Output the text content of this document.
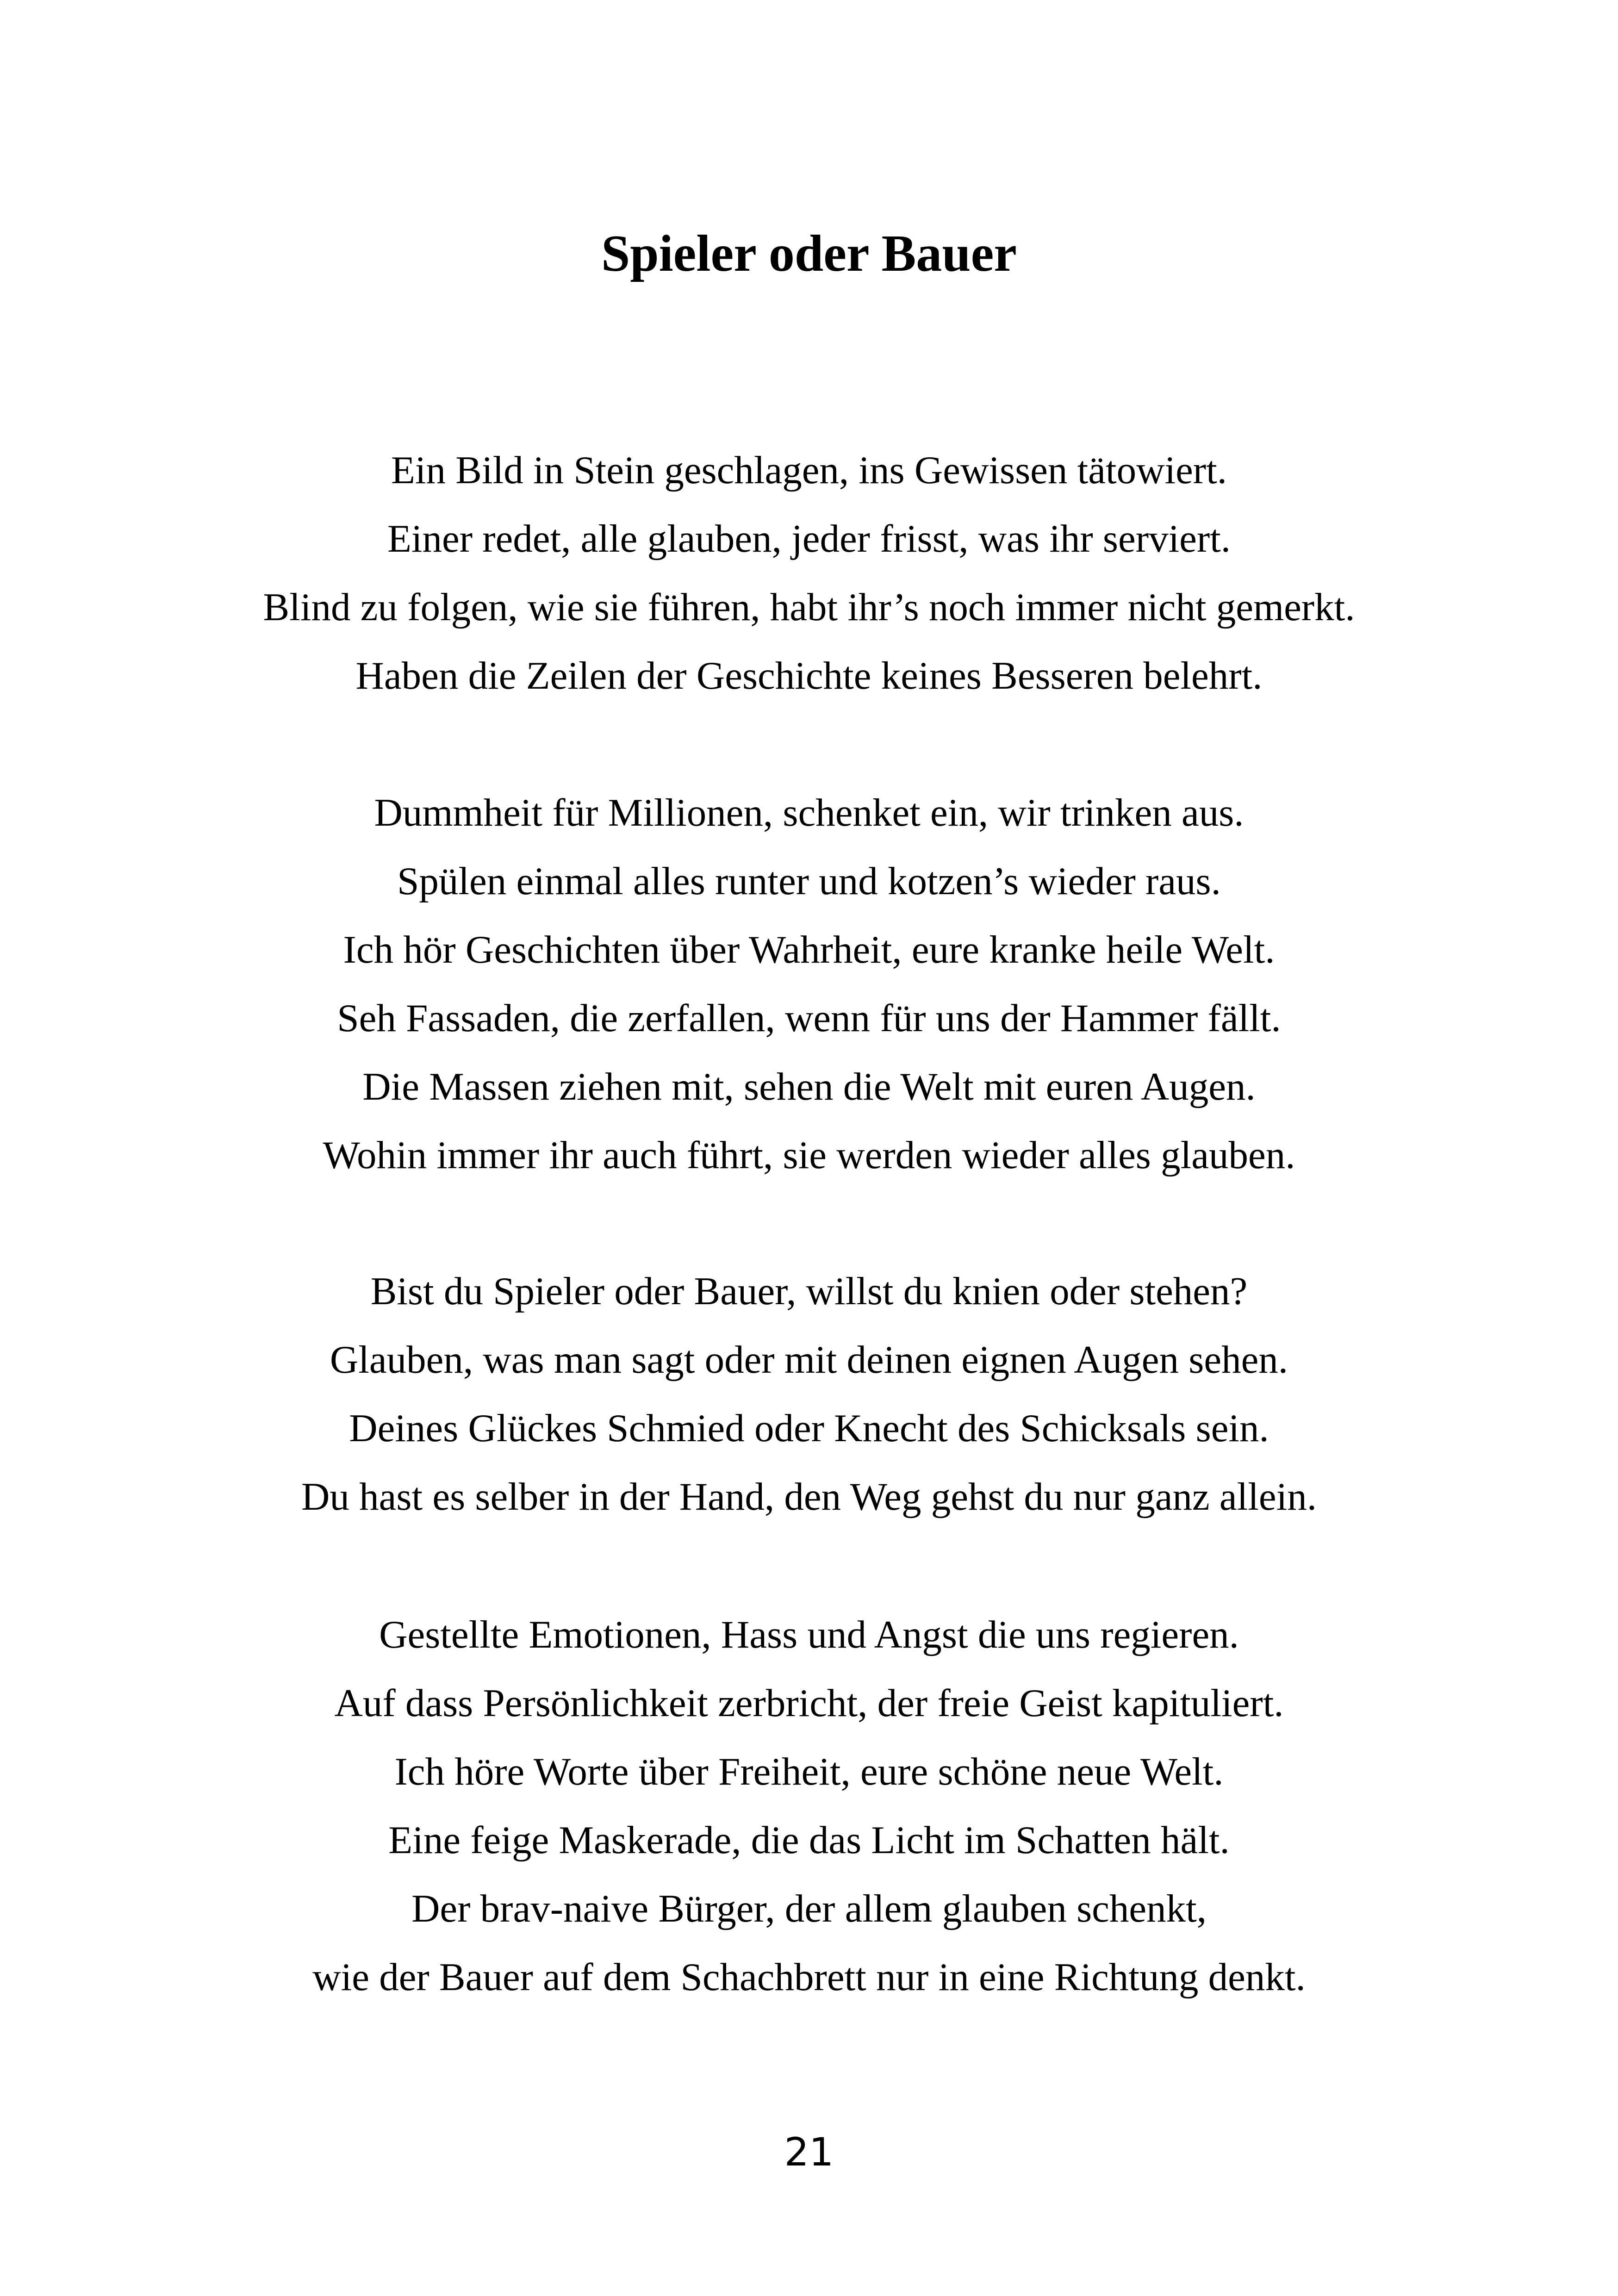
Spieler oder Bauer
Ein Bild in Stein geschlagen, ins Gewissen tätowiert.
Einer redet, alle glauben, jeder frisst, was ihr serviert.
Blind zu folgen, wie sie führen, habt ihr’s noch immer nicht gemerkt.
Haben die Zeilen der Geschichte keines Besseren belehrt.
Dummheit für Millionen, schenket ein, wir trinken aus.
Spülen einmal alles runter und kotzen’s wieder raus.
Ich hör Geschichten über Wahrheit, eure kranke heile Welt.
Seh Fassaden, die zerfallen, wenn für uns der Hammer fällt.
Die Massen ziehen mit, sehen die Welt mit euren Augen.
Wohin immer ihr auch führt, sie werden wieder alles glauben.
Bist du Spieler oder Bauer, willst du knien oder stehen?
Glauben, was man sagt oder mit deinen eignen Augen sehen.
Deines Glückes Schmied oder Knecht des Schicksals sein.
Du hast es selber in der Hand, den Weg gehst du nur ganz allein.
Gestellte Emotionen, Hass und Angst die uns regieren.
Auf dass Persönlichkeit zerbricht, der freie Geist kapituliert.
Ich höre Worte über Freiheit, eure schöne neue Welt.
Eine feige Maskerade, die das Licht im Schatten hält.
Der brav-naive Bürger, der allem glauben schenkt,
wie der Bauer auf dem Schachbrett nur in eine Richtung denkt.
21
